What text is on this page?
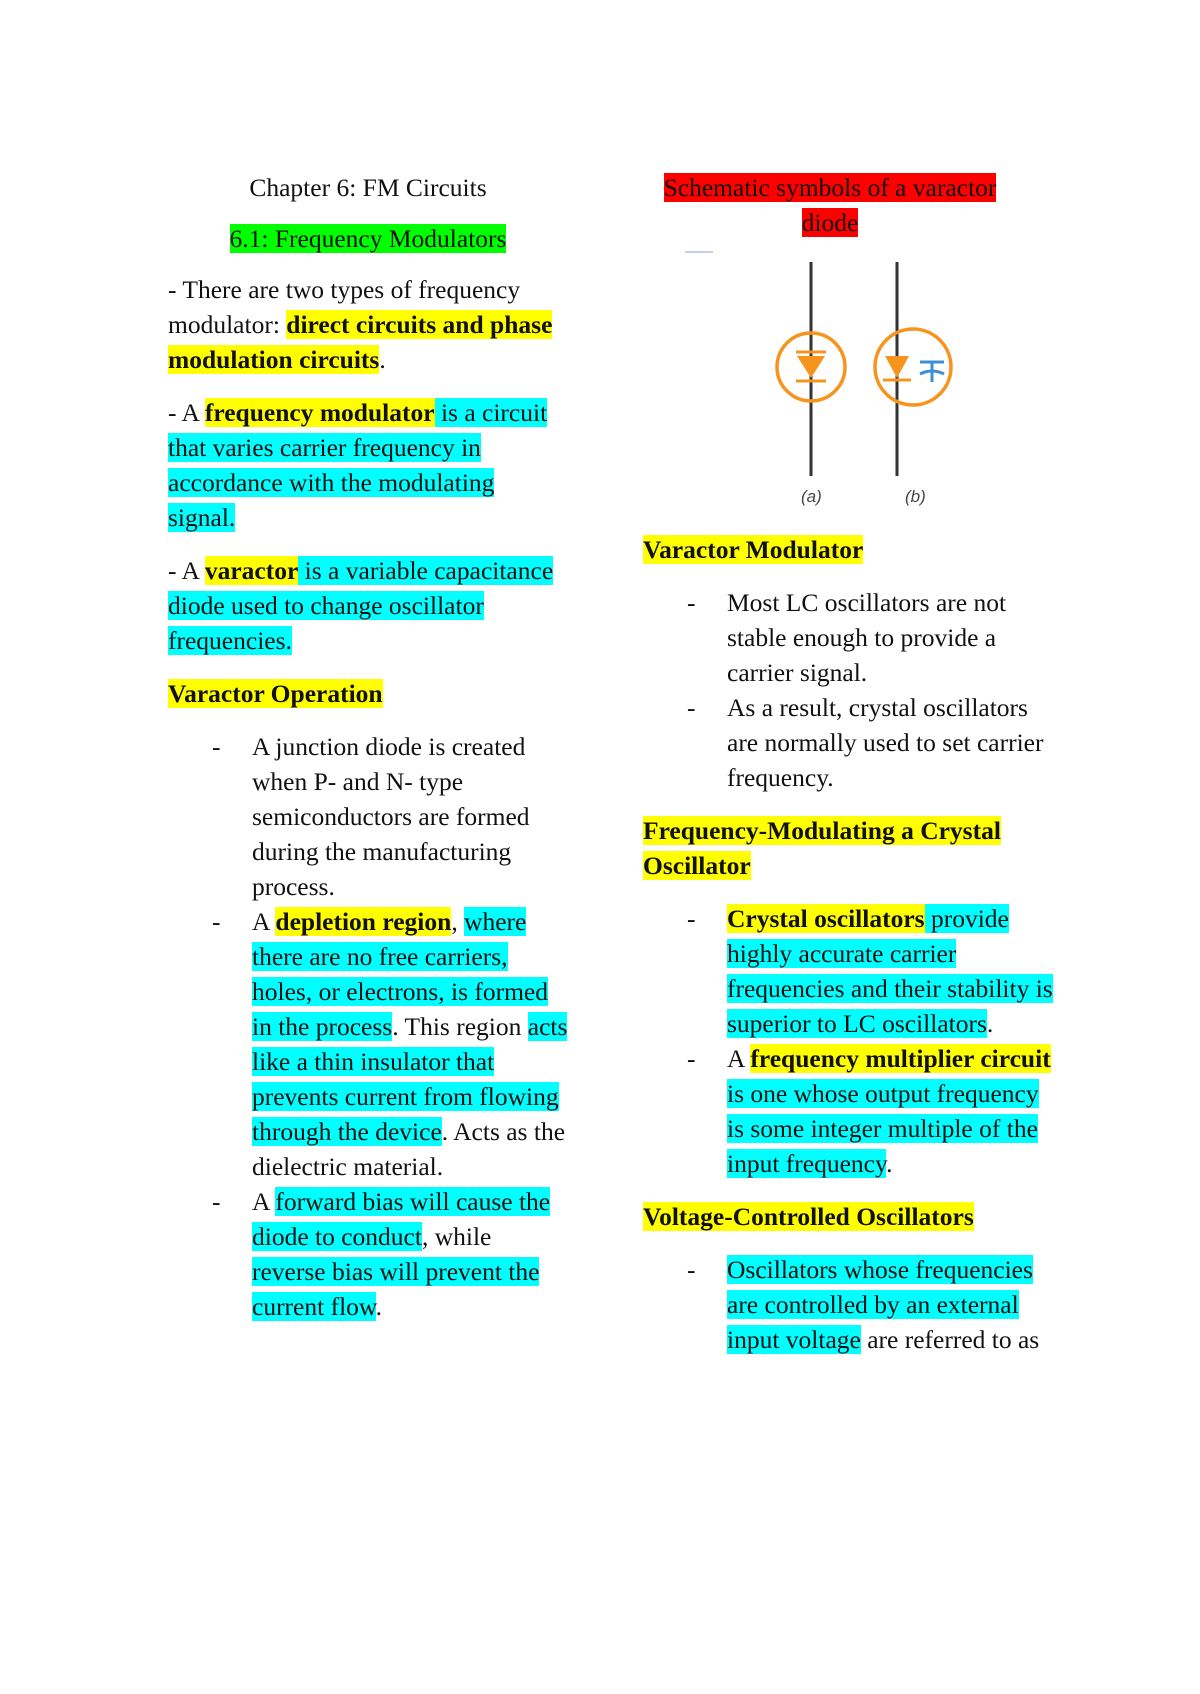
Chapter 6: FM Circuits
6.1: Frequency Modulators

- There are two types of frequency modulator: direct circuits and phase modulation circuits.

- A frequency modulator is a circuit that varies carrier frequency in accordance with the modulating signal.

- A varactor is a variable capacitance diode used to change oscillator frequencies.

Varactor Operation
- A junction diode is created when P- and N- type semiconductors are formed during the manufacturing process.
- A depletion region, where there are no free carriers, holes, or electrons, is formed in the process. This region acts like a thin insulator that prevents current from flowing through the device. Acts as the dielectric material.
- A forward bias will cause the diode to conduct, while reverse bias will prevent the current flow.
Schematic symbols of a varactor diode
(a)	(b)
Varactor Modulator
- Most LC oscillators are not stable enough to provide a carrier signal.
- As a result, crystal oscillators are normally used to set carrier frequency.
Frequency-Modulating a Crystal Oscillator
- Crystal oscillators provide highly accurate carrier frequencies and their stability is superior to LC oscillators.
- A frequency multiplier circuit is one whose output frequency is some integer multiple of the input frequency.
Voltage-Controlled Oscillators
- Oscillators whose frequencies are controlled by an external input voltage are referred to as
